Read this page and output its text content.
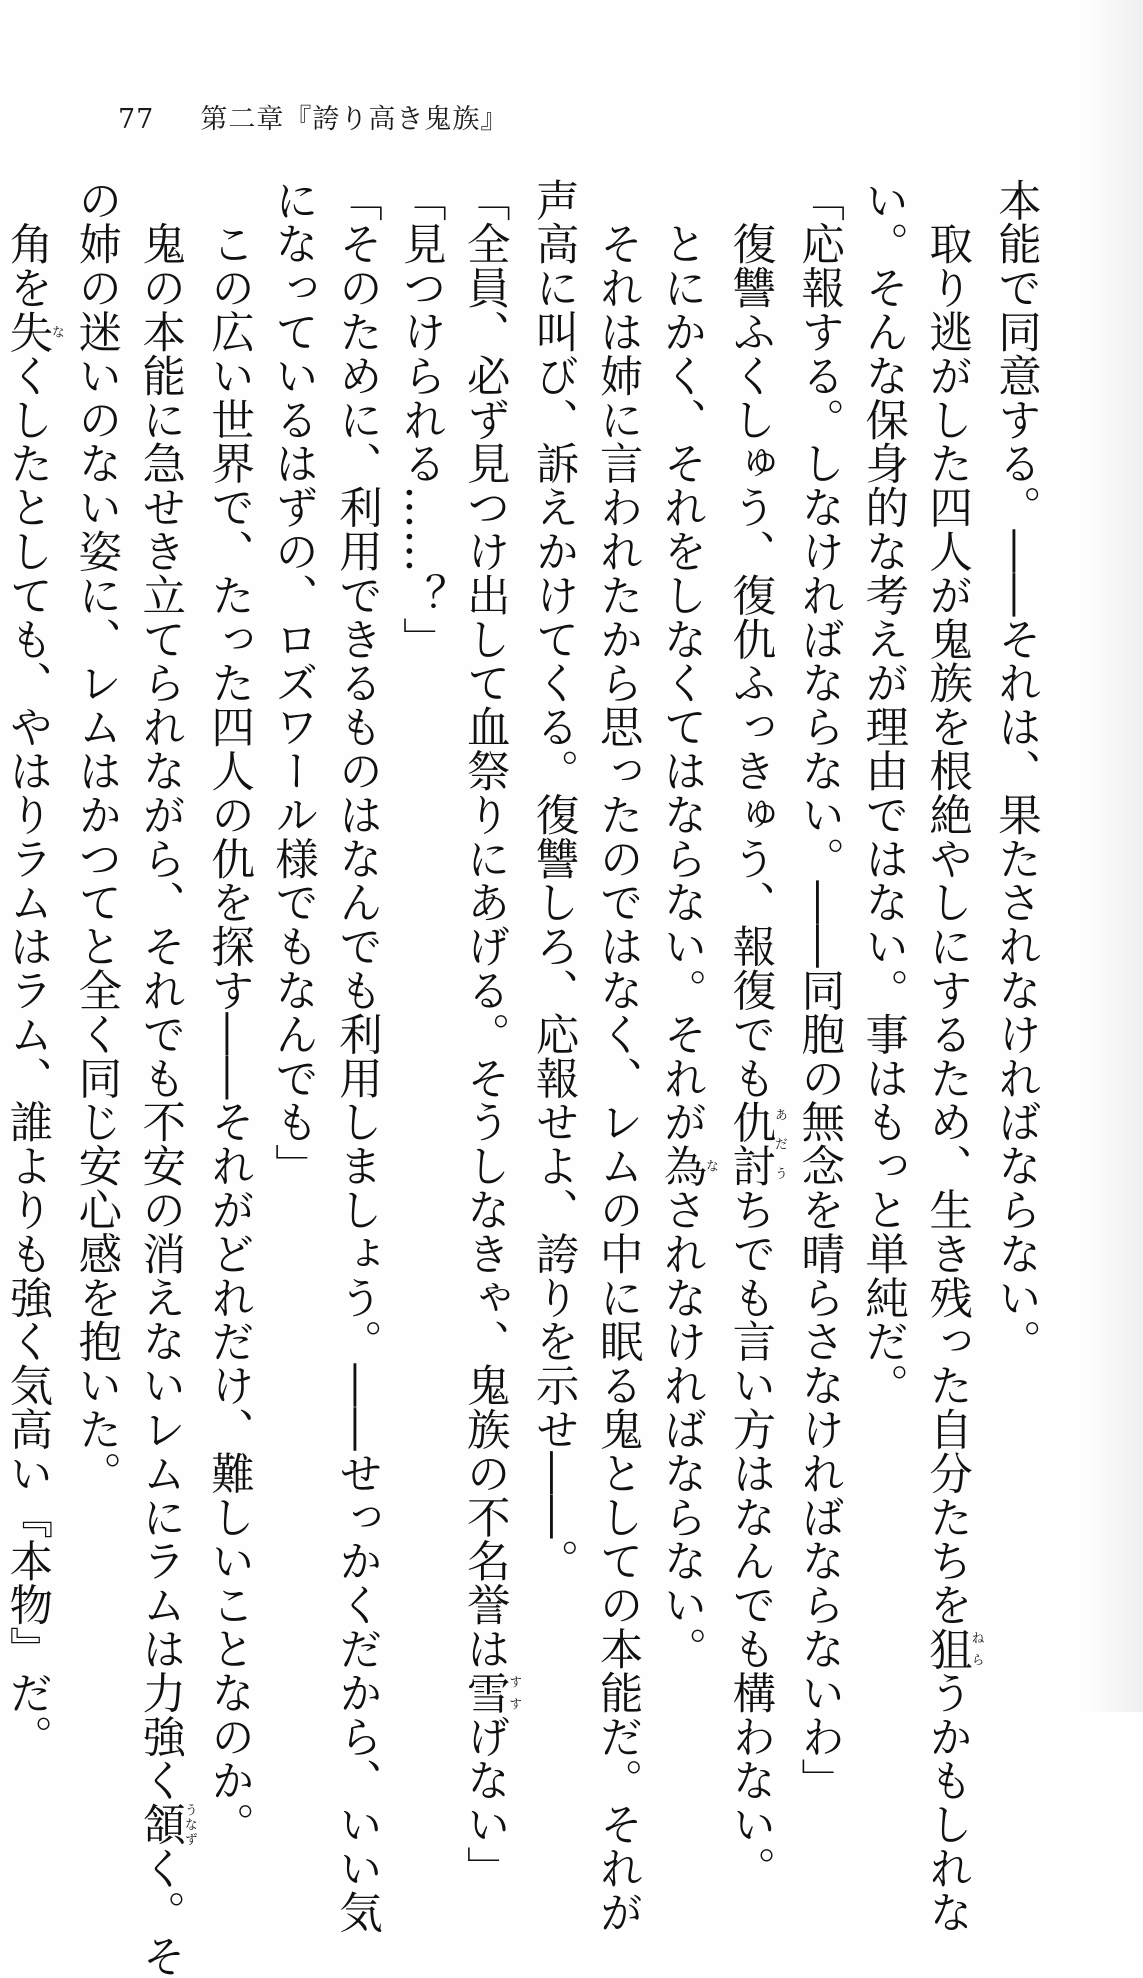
77 第二章『誇り高き鬼族』

本能で同意する。――それは、果たされなければならない。

　取り逃がした四人が鬼族を根絶やしにするため、生き残った自分たちを狙ねらうかもしれな

い。そんな保身的な考えが理由ではない。事はもっと単純だ。

「応報する。しなければならない。――同胞の無念を晴らさなければならないわ」

　復讐ふくしゅう、復仇ふっきゅう、報復でも仇討あだうちでも言い方はなんでも構わない。

　とにかく、それをしなくてはならない。それが為なされなければならない。

　それは姉に言われたから思ったのではなく、レムの中に眠る鬼としての本能だ。それが

声高に叫び、訴えかけてくる。復讐しろ、応報せよ、誇りを示せ――。

「全員、必ず見つけ出して血祭りにあげる。そうしなきゃ、鬼族の不名誉は雪すすげない」

「見つけられる……？」

「そのために、利用できるものはなんでも利用しましょう。――せっかくだから、いい気

になっているはずの、ロズワール様でもなんでも」

　この広い世界で、たった四人の仇を探す――それがどれだけ、難しいことなのか。

　鬼の本能に急せき立てられながら、それでも不安の消えないレムにラムは力強く頷うなずく。そ

の姉の迷いのない姿に、レムはかつてと全く同じ安心感を抱いた。

　角を失なくしたとしても、やはりラムはラム、誰よりも強く気高い『本物』だ。
